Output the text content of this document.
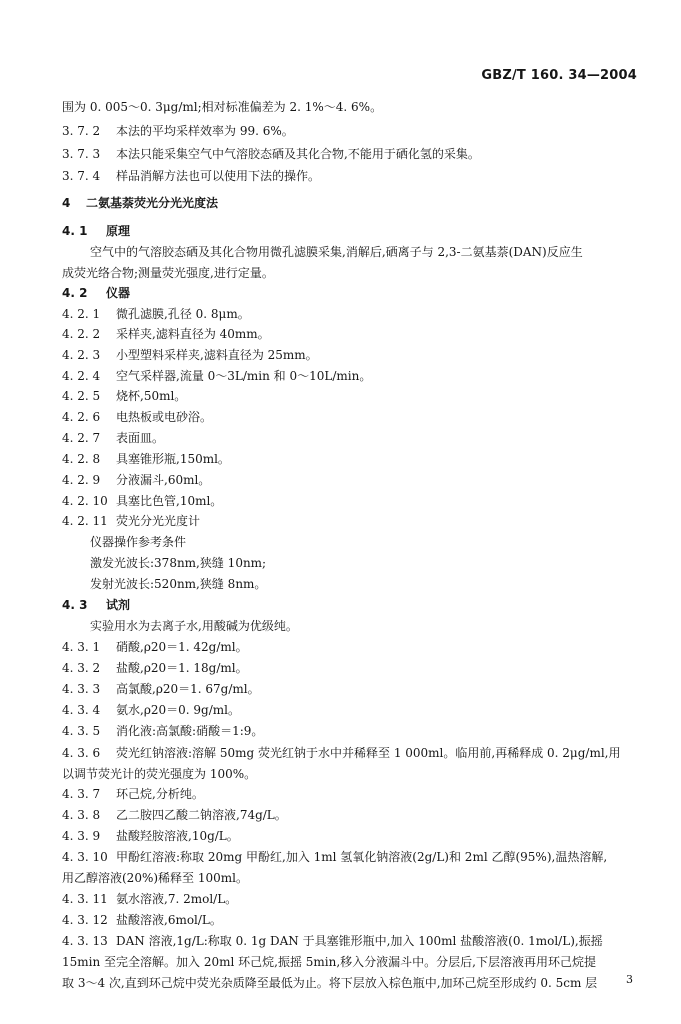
GBZ/T 160. 34—2004
围为 0. 005～0. 3μg/ml;相对标准偏差为 2. 1%～4. 6%。
3. 7. 2 本法的平均采样效率为 99. 6%。
3. 7. 3 本法只能采集空气中气溶胶态硒及其化合物,不能用于硒化氢的采集。
3. 7. 4 样品消解方法也可以使用下法的操作。
4 二氨基萘荧光分光光度法
4. 1 原理
空气中的气溶胶态硒及其化合物用微孔滤膜采集,消解后,硒离子与 2,3-二氨基萘(DAN)反应生
成荧光络合物;测量荧光强度,进行定量。
4. 2 仪器
4. 2. 1 微孔滤膜,孔径 0. 8μm。
4. 2. 2 采样夹,滤料直径为 40mm。
4. 2. 3 小型塑料采样夹,滤料直径为 25mm。
4. 2. 4 空气采样器,流量 0～3L/min 和 0～10L/min。
4. 2. 5 烧杯,50ml。
4. 2. 6 电热板或电砂浴。
4. 2. 7 表面皿。
4. 2. 8 具塞锥形瓶,150ml。
4. 2. 9 分液漏斗,60ml。
4. 2. 10 具塞比色管,10ml。
4. 2. 11 荧光分光光度计
仪器操作参考条件
激发光波长:378nm,狭缝 10nm;
发射光波长:520nm,狭缝 8nm。
4. 3 试剂
实验用水为去离子水,用酸碱为优级纯。
4. 3. 1 硝酸,ρ20＝1. 42g/ml。
4. 3. 2 盐酸,ρ20＝1. 18g/ml。
4. 3. 3 高氯酸,ρ20＝1. 67g/ml。
4. 3. 4 氨水,ρ20＝0. 9g/ml。
4. 3. 5 消化液:高氯酸:硝酸＝1:9。
4. 3. 6 荧光红钠溶液:溶解 50mg 荧光红钠于水中并稀释至 1 000ml。临用前,再稀释成 0. 2μg/ml,用
以调节荧光计的荧光强度为 100%。
4. 3. 7 环己烷,分析纯。
4. 3. 8 乙二胺四乙酸二钠溶液,74g/L。
4. 3. 9 盐酸羟胺溶液,10g/L。
4. 3. 10 甲酚红溶液:称取 20mg 甲酚红,加入 1ml 氢氧化钠溶液(2g/L)和 2ml 乙醇(95%),温热溶解,
用乙醇溶液(20%)稀释至 100ml。
4. 3. 11 氨水溶液,7. 2mol/L。
4. 3. 12 盐酸溶液,6mol/L。
4. 3. 13 DAN 溶液,1g/L:称取 0. 1g DAN 于具塞锥形瓶中,加入 100ml 盐酸溶液(0. 1mol/L),振摇
15min 至完全溶解。加入 20ml 环己烷,振摇 5min,移入分液漏斗中。分层后,下层溶液再用环己烷提
取 3～4 次,直到环己烷中荧光杂质降至最低为止。将下层放入棕色瓶中,加环己烷至形成约 0. 5cm 层	3
